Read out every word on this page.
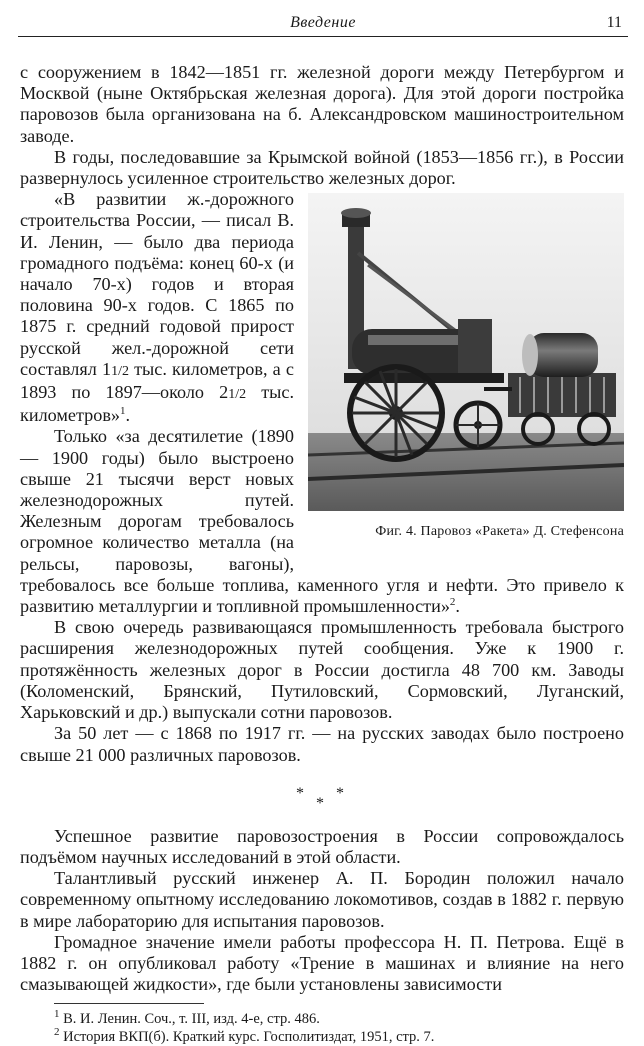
Введение	11

с сооружением в 1842—1851 гг. железной дороги между Петербургом и Москвой (ныне Октябрьская железная дорога). Для этой дороги постройка паровозов была организована на б. Александровском машиностроительном заводе.

В годы, последовавшие за Крымской войной (1853—1856 гг.), в России развернулось усиленное строительство железных дорог.

Фиг. 4. Паровоз «Ракета» Д. Стефенсона

«В развитии ж.-дорожного строительства России, — писал В. И. Ленин, — было два периода громадного подъёма: конец 60-х (и начало 70-х) годов и вторая половина 90-х годов. С 1865 по 1875 г. средний годовой прирост русской жел.-дорожной сети составлял 11/2 тыс. километров, а с 1893 по 1897—около 21/2 тыс. километров»$^1$.

Только «за десятилетие (1890 — 1900 годы) было выстроено свыше 21 тысячи верст новых железнодорожных путей. Железным дорогам требовалось огромное количество металла (на рельсы, паровозы, вагоны), требовалось все больше топлива, каменного угля и нефти. Это привело к развитию металлургии и топливной промышленности»$^2$.

В свою очередь развивающаяся промышленность требовала быстрого расширения железнодорожных путей сообщения. Уже к 1900 г. протяжённость железных дорог в России достигла 48 700 км. Заводы (Коломенский, Брянский, Путиловский, Сормовский, Луганский, Харьковский и др.) выпускали сотни паровозов.

За 50 лет — с 1868 по 1917 гг. — на русских заводах было построено свыше 21 000 различных паровозов.

*
*
*

Успешное развитие паровозостроения в России сопровождалось подъёмом научных исследований в этой области.

Талантливый русский инженер А. П. Бородин положил начало современному опытному исследованию локомотивов, создав в 1882 г. первую в мире лабораторию для испытания паровозов.

Громадное значение имели работы профессора Н. П. Петрова. Ещё в 1882 г. он опубликовал работу «Трение в машинах и влияние на него смазывающей жидкости», где были установлены зависимости

$^1$ В. И. Ленин. Соч., т. III, изд. 4-е, стр. 486.

$^2$ История ВКП(б). Краткий курс. Госполитиздат, 1951, стр. 7.
